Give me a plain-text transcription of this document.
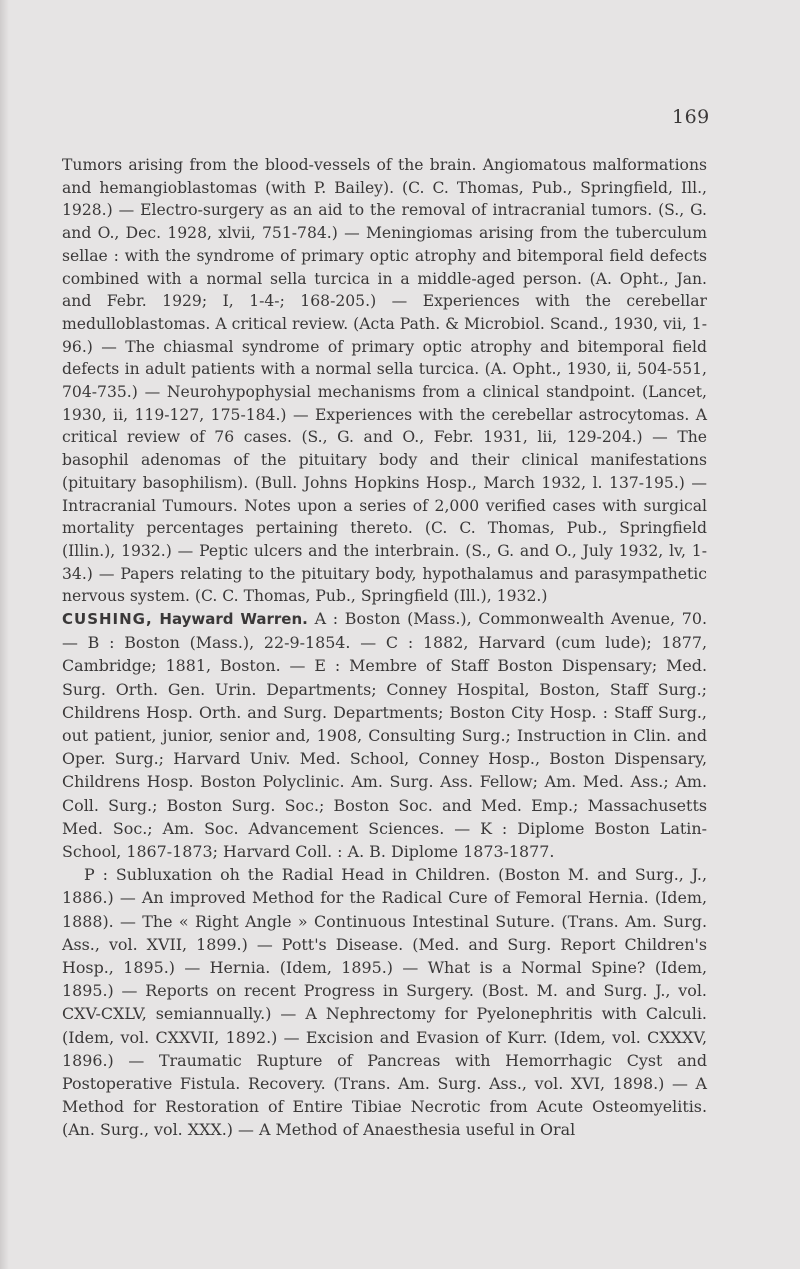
169

Tumors arising from the blood-vessels of the brain. Angiomatous malformations and hemangioblastomas (with P. Bailey). (C. C. Thomas, Pub., Springfield, Ill., 1928.) — Electro-surgery as an aid to the removal of intracranial tumors. (S., G. and O., Dec. 1928, xlvii, 751-784.) — Meningiomas arising from the tuberculum sellae : with the syndrome of primary optic atrophy and bitemporal field defects combined with a normal sella turcica in a middle-aged person. (A. Opht., Jan. and Febr. 1929; I, 1-4-; 168-205.) — Experiences with the cerebellar medulloblastomas. A critical review. (Acta Path. & Microbiol. Scand., 1930, vii, 1-96.) — The chiasmal syndrome of primary optic atrophy and bitemporal field defects in adult patients with a normal sella turcica. (A. Opht., 1930, ii, 504-551, 704-735.) — Neurohypophysial mechanisms from a clinical standpoint. (Lancet, 1930, ii, 119-127, 175-184.) — Experiences with the cerebellar astrocytomas. A critical review of 76 cases. (S., G. and O., Febr. 1931, lii, 129-204.) — The basophil adenomas of the pituitary body and their clinical manifestations (pituitary basophilism). (Bull. Johns Hopkins Hosp., March 1932, l. 137-195.) — Intracranial Tumours. Notes upon a series of 2,000 verified cases with surgical mortality percentages pertaining thereto. (C. C. Thomas, Pub., Springfield (Illin.), 1932.) — Peptic ulcers and the interbrain. (S., G. and O., July 1932, lv, 1-34.) — Papers relating to the pituitary body, hypothalamus and parasympathetic nervous system. (C. C. Thomas, Pub., Springfield (Ill.), 1932.)

CUSHING, Hayward Warren. A : Boston (Mass.), Commonwealth Avenue, 70. — B : Boston (Mass.), 22-9-1854. — C : 1882, Harvard (cum lude); 1877, Cambridge; 1881, Boston. — E : Membre of Staff Boston Dispensary; Med. Surg. Orth. Gen. Urin. Departments; Conney Hospital, Boston, Staff Surg.; Childrens Hosp. Orth. and Surg. Departments; Boston City Hosp. : Staff Surg., out patient, junior, senior and, 1908, Consulting Surg.; Instruction in Clin. and Oper. Surg.; Harvard Univ. Med. School, Conney Hosp., Boston Dispensary, Childrens Hosp. Boston Polyclinic. Am. Surg. Ass. Fellow; Am. Med. Ass.; Am. Coll. Surg.; Boston Surg. Soc.; Boston Soc. and Med. Emp.; Massachusetts Med. Soc.; Am. Soc. Advancement Sciences. — K : Diplome Boston Latin-School, 1867-1873; Harvard Coll. : A. B. Diplome 1873-1877.
P : Subluxation oh the Radial Head in Children. (Boston M. and Surg., J., 1886.) — An improved Method for the Radical Cure of Femoral Hernia. (Idem, 1888). — The « Right Angle » Continuous Intestinal Suture. (Trans. Am. Surg. Ass., vol. XVII, 1899.) — Pott's Disease. (Med. and Surg. Report Children's Hosp., 1895.) — Hernia. (Idem, 1895.) — What is a Normal Spine? (Idem, 1895.) — Reports on recent Progress in Surgery. (Bost. M. and Surg. J., vol. CXV-CXLV, semiannually.) — A Nephrectomy for Pyelonephritis with Calculi. (Idem, vol. CXXVII, 1892.) — Excision and Evasion of Kurr. (Idem, vol. CXXXV, 1896.) — Traumatic Rupture of Pancreas with Hemorrhagic Cyst and Postoperative Fistula. Recovery. (Trans. Am. Surg. Ass., vol. XVI, 1898.) — A Method for Restoration of Entire Tibiae Necrotic from Acute Osteomyelitis. (An. Surg., vol. XXX.) — A Method of Anaesthesia useful in Oral
